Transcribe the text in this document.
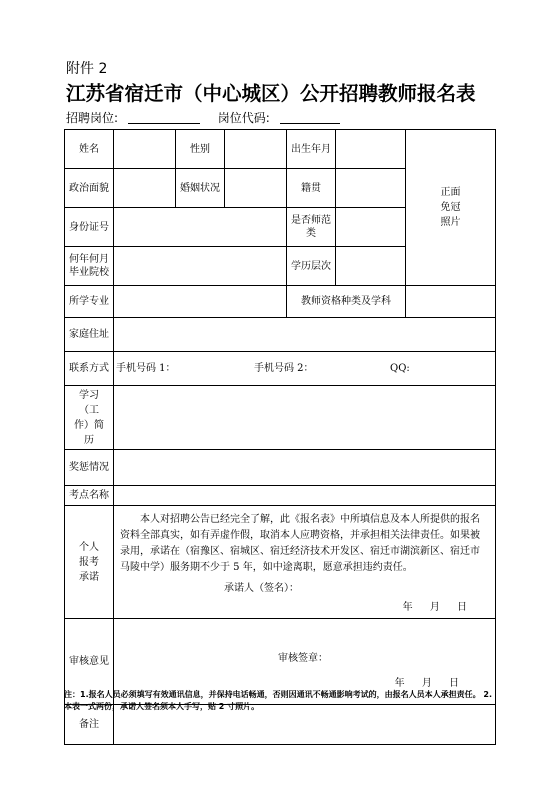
附件 2
江苏省宿迁市（中心城区）公开招聘教师报名表
招聘岗位:	岗位代码:
姓名		性别		出生年月		正面免冠照片
政治面貌		婚姻状况		籍贯		
身份证号				是否师范类		
何年何月毕业院校				学历层次		
所学专业				教师资格种类及学科		
家庭住址						
联系方式	手机号码 1： 手机号码 2： QQ:					

学习（工作）简历						
奖惩情况						
考点名称						
个人报考承诺	本人对招聘公告已经完全了解，此《报名表》中所填信息及本人所提供的报名资料全部真实，如有弄虚作假，取消本人应聘资格，并承担相关法律责任。如果被录用，承诺在（宿豫区、宿城区、宿迁经济技术开发区、宿迁市湖滨新区、宿迁市马陵中学）服务期不少于 5 年，如中途离职，愿意承担违约责任。
承诺人（签名）：
年 月 日					

审核意见	审核签章：
年 月 日					

备注						
注：1.报名人员必须填写有效通讯信息，并保持电话畅通，否则因通讯不畅通影响考试的，由报名人员本人承担责任。 2.本表一式两份，承诺人签名须本人手写，贴 2 寸照片。
